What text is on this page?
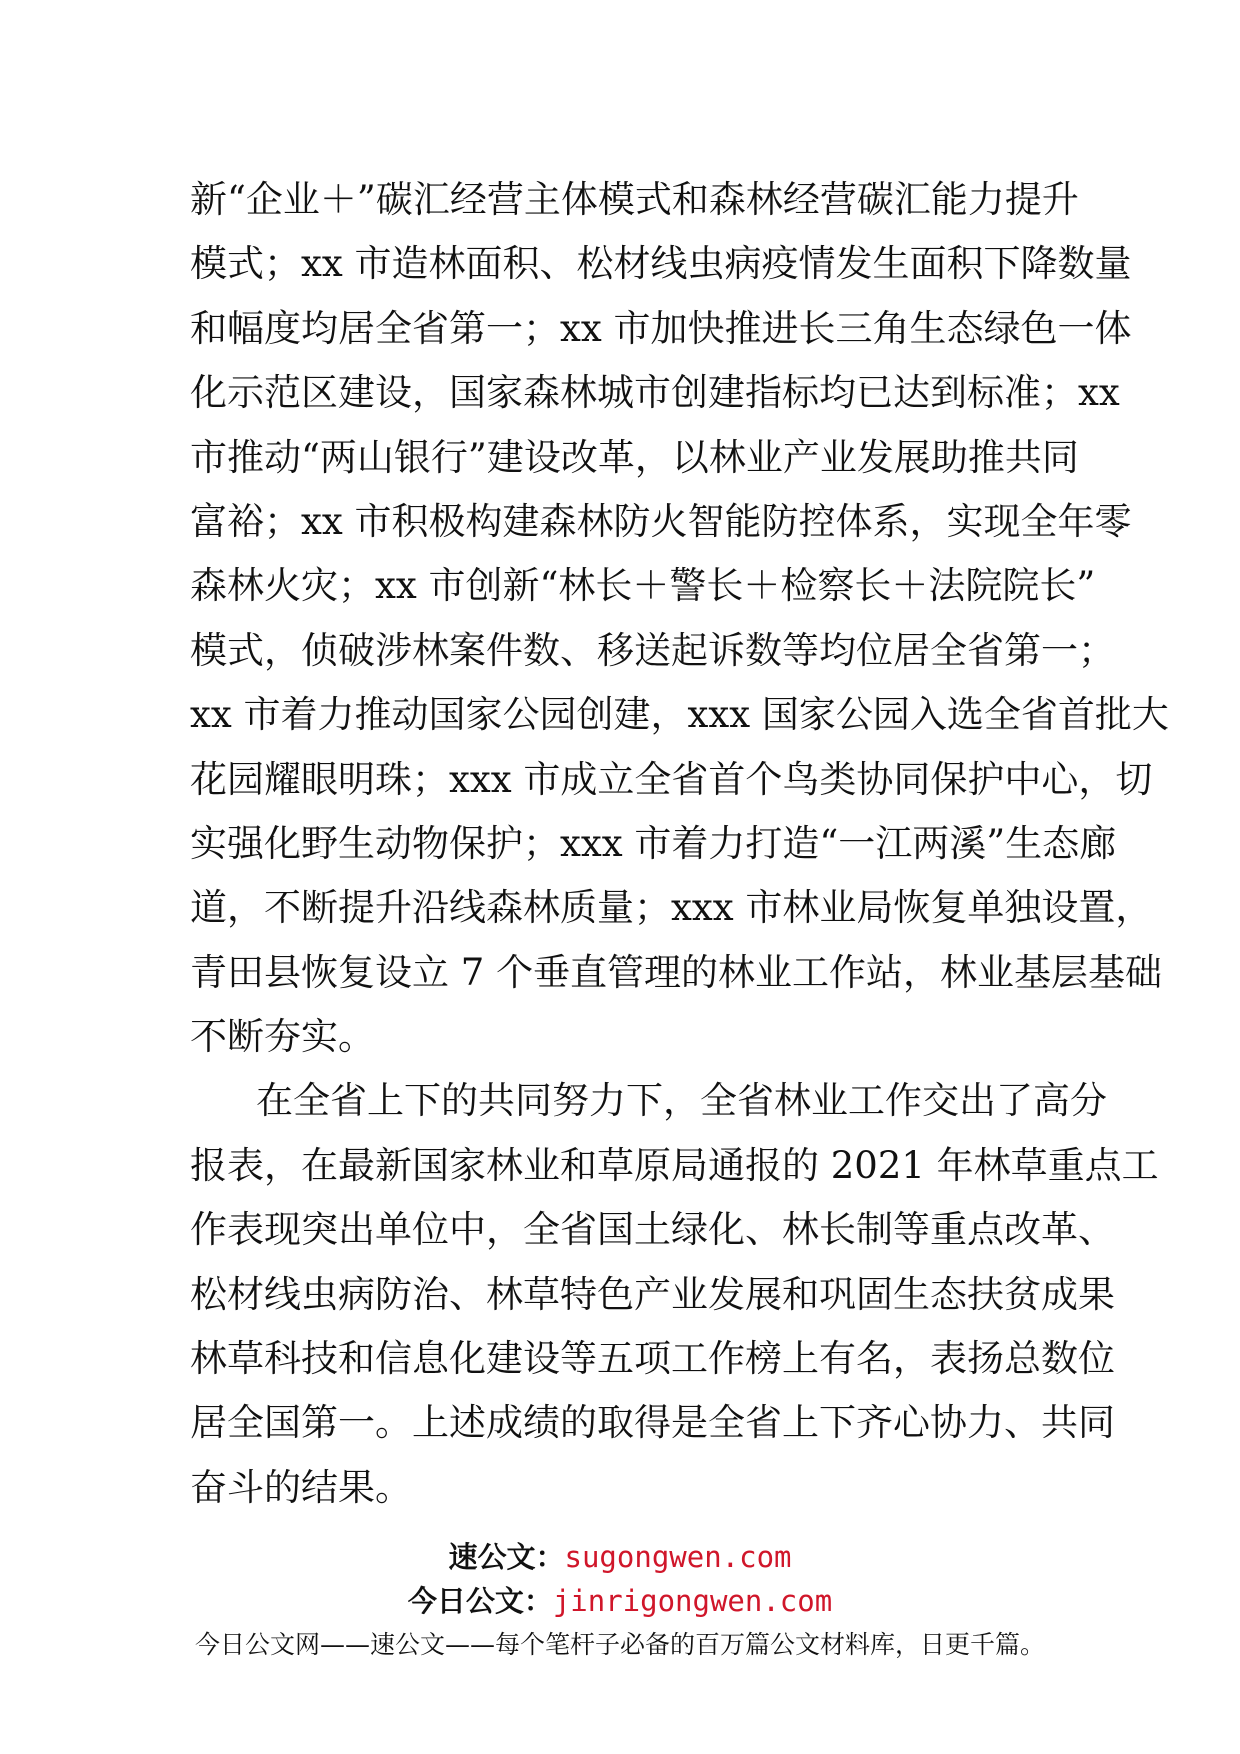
新“企业＋”碳汇经营主体模式和森林经营碳汇能力提升
模式；xx 市造林面积、松材线虫病疫情发生面积下降数量
和幅度均居全省第一；xx 市加快推进长三角生态绿色一体
化示范区建设，国家森林城市创建指标均已达到标准；xx
市推动“两山银行”建设改革，以林业产业发展助推共同
富裕；xx 市积极构建森林防火智能防控体系，实现全年零
森林火灾；xx 市创新“林长＋警长＋检察长＋法院院长”
模式，侦破涉林案件数、移送起诉数等均位居全省第一；
xx 市着力推动国家公园创建，xxx 国家公园入选全省首批大
花园耀眼明珠；xxx 市成立全省首个鸟类协同保护中心，切
实强化野生动物保护；xxx 市着力打造“一江两溪”生态廊
道，不断提升沿线森林质量；xxx 市林业局恢复单独设置，
青田县恢复设立 7 个垂直管理的林业工作站，林业基层基础
不断夯实。
在全省上下的共同努力下，全省林业工作交出了高分
报表，在最新国家林业和草原局通报的 2021 年林草重点工
作表现突出单位中，全省国土绿化、林长制等重点改革、
松材线虫病防治、林草特色产业发展和巩固生态扶贫成果
林草科技和信息化建设等五项工作榜上有名，表扬总数位
居全国第一。上述成绩的取得是全省上下齐心协力、共同
奋斗的结果。
速公文：sugongwen.com
今日公文：jinrigongwen.com
今日公文网——速公文——每个笔杆子必备的百万篇公文材料库，日更千篇。
